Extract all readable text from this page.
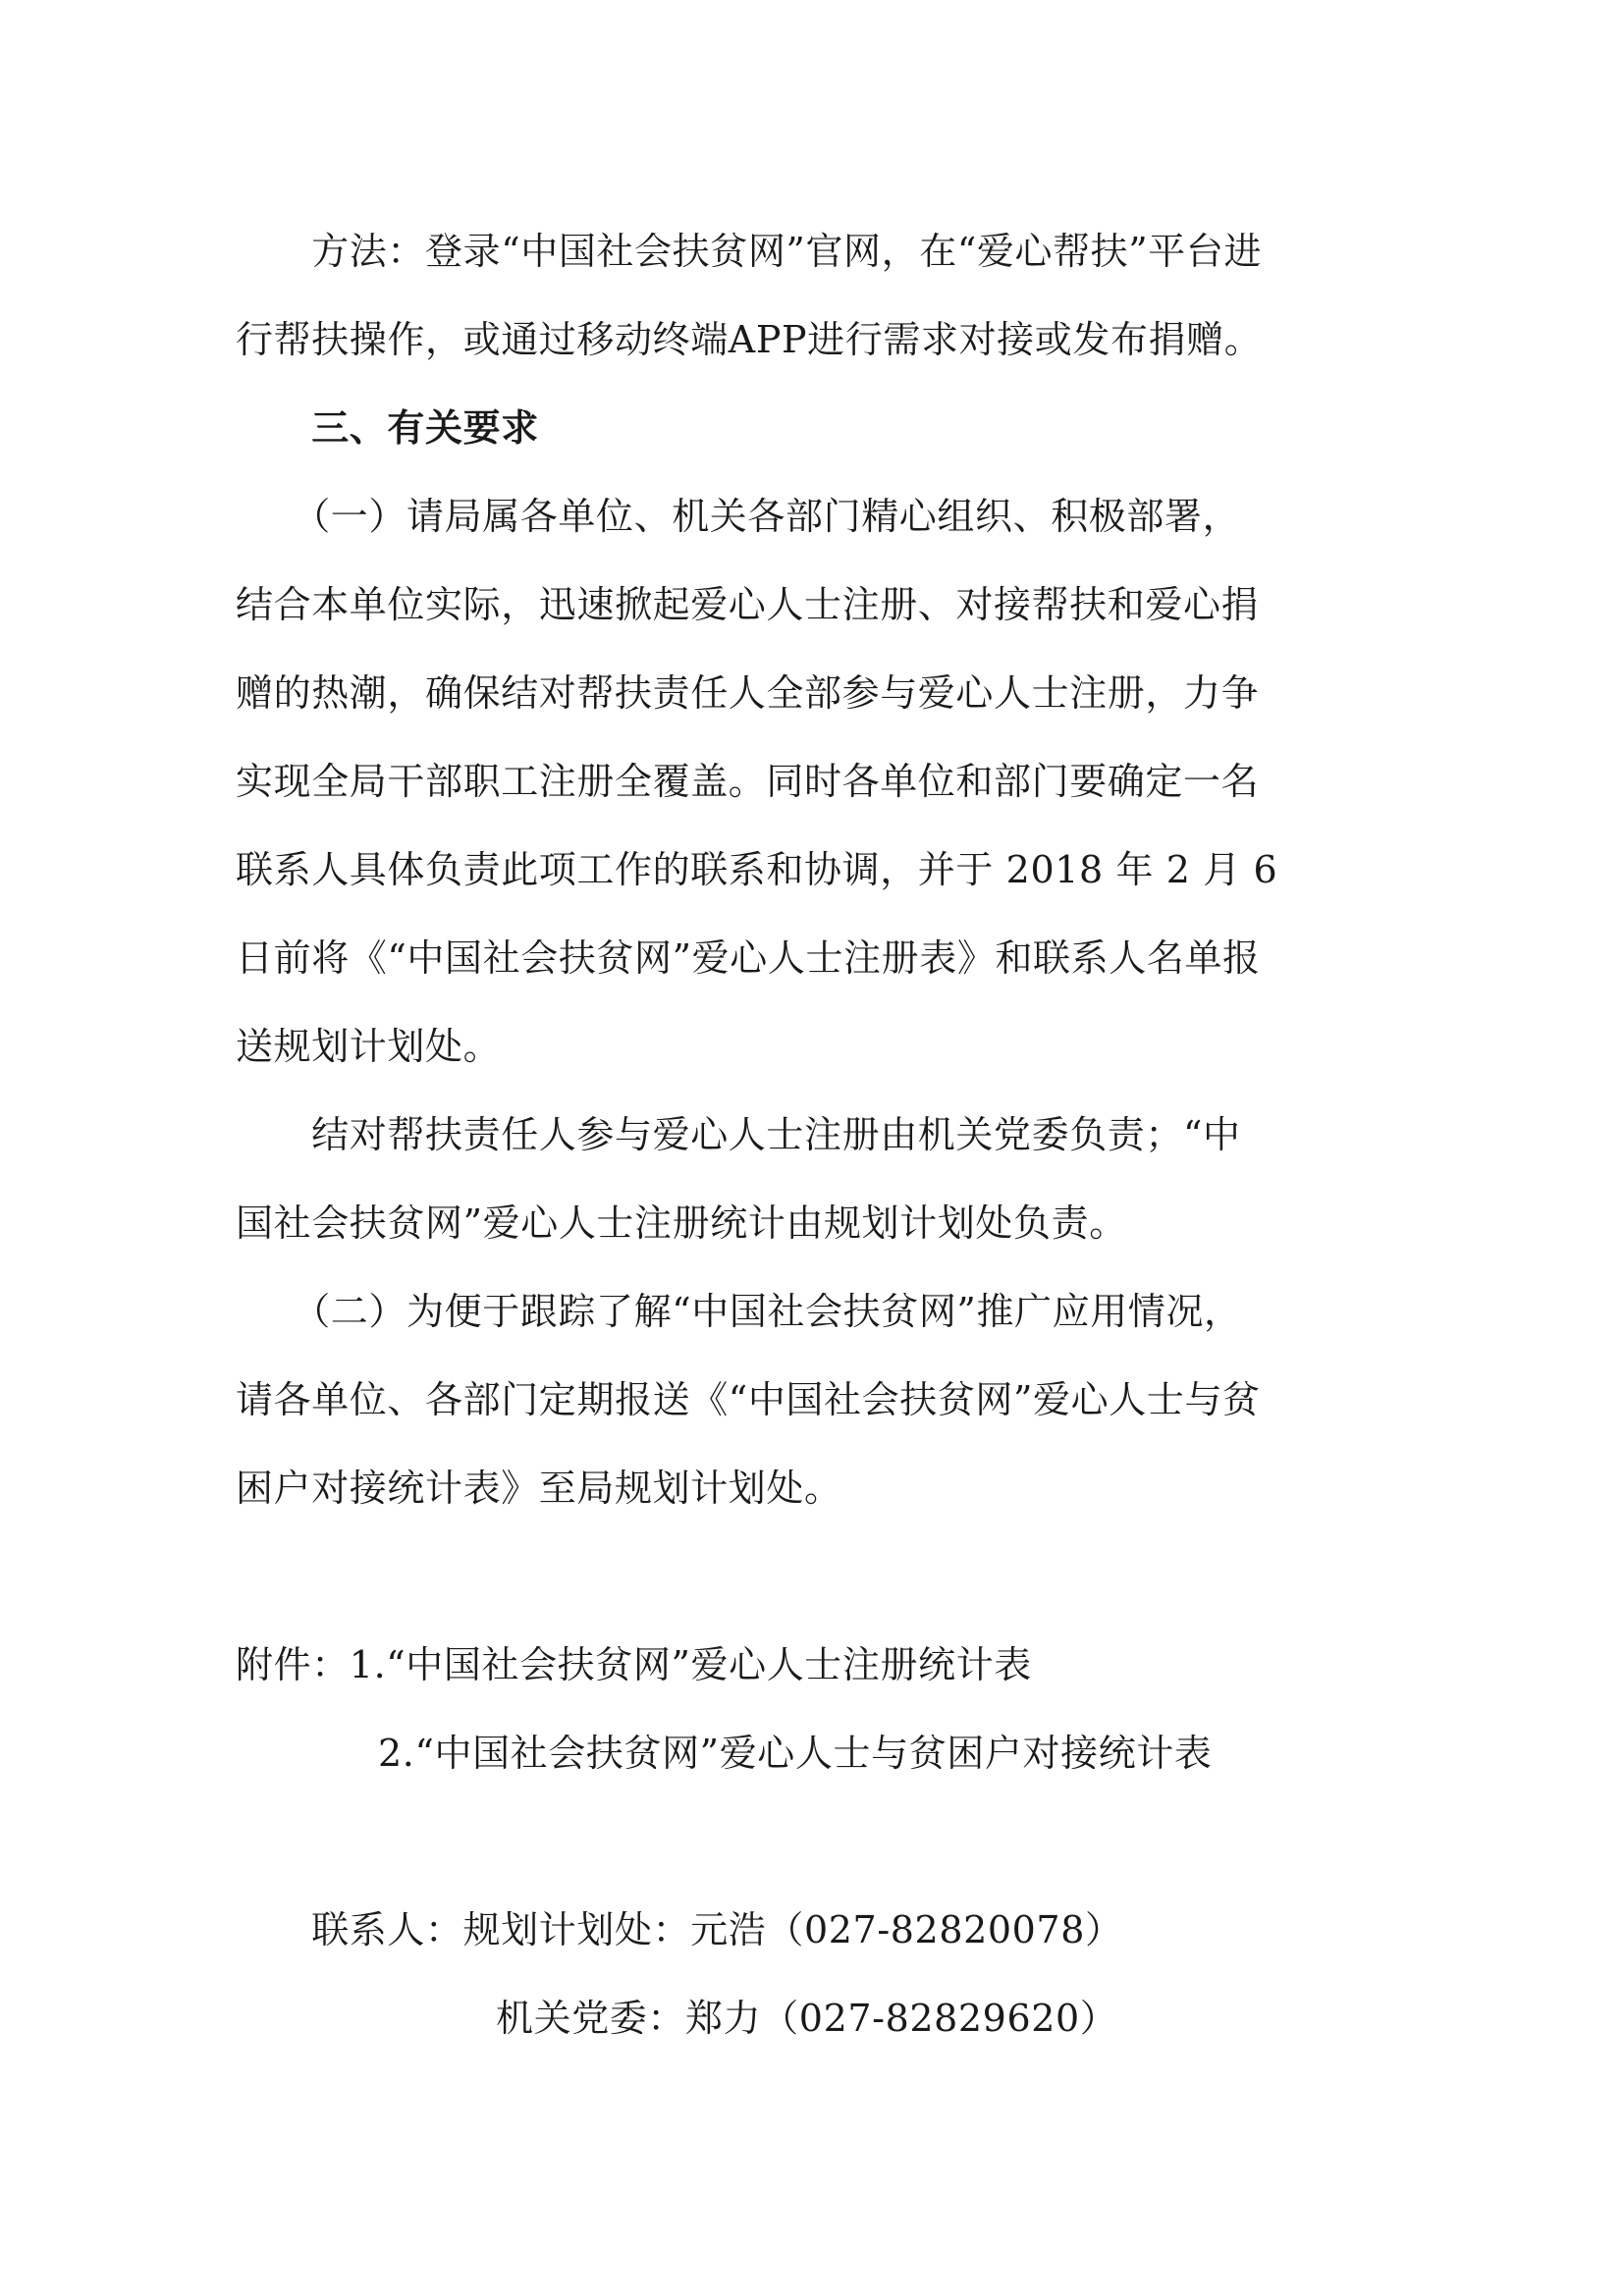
　　方法：登录“中国社会扶贫网”官网，在“爱心帮扶”平台进
行帮扶操作，或通过移动终端APP进行需求对接或发布捐赠。
　　三、有关要求
　　（一）请局属各单位、机关各部门精心组织、积极部署，
结合本单位实际，迅速掀起爱心人士注册、对接帮扶和爱心捐
赠的热潮，确保结对帮扶责任人全部参与爱心人士注册，力争
实现全局干部职工注册全覆盖。同时各单位和部门要确定一名
联系人具体负责此项工作的联系和协调，并于 2018 年 2 月 6
日前将《“中国社会扶贫网”爱心人士注册表》和联系人名单报
送规划计划处。
　　结对帮扶责任人参与爱心人士注册由机关党委负责；“中
国社会扶贫网”爱心人士注册统计由规划计划处负责。
　　（二）为便于跟踪了解“中国社会扶贫网”推广应用情况，
请各单位、各部门定期报送《“中国社会扶贫网”爱心人士与贫
困户对接统计表》至局规划计划处。
附件：1.“中国社会扶贫网”爱心人士注册统计表
2.“中国社会扶贫网”爱心人士与贫困户对接统计表
　　联系人：规划计划处：元浩（027-82820078）
机关党委：郑力（027-82829620）
